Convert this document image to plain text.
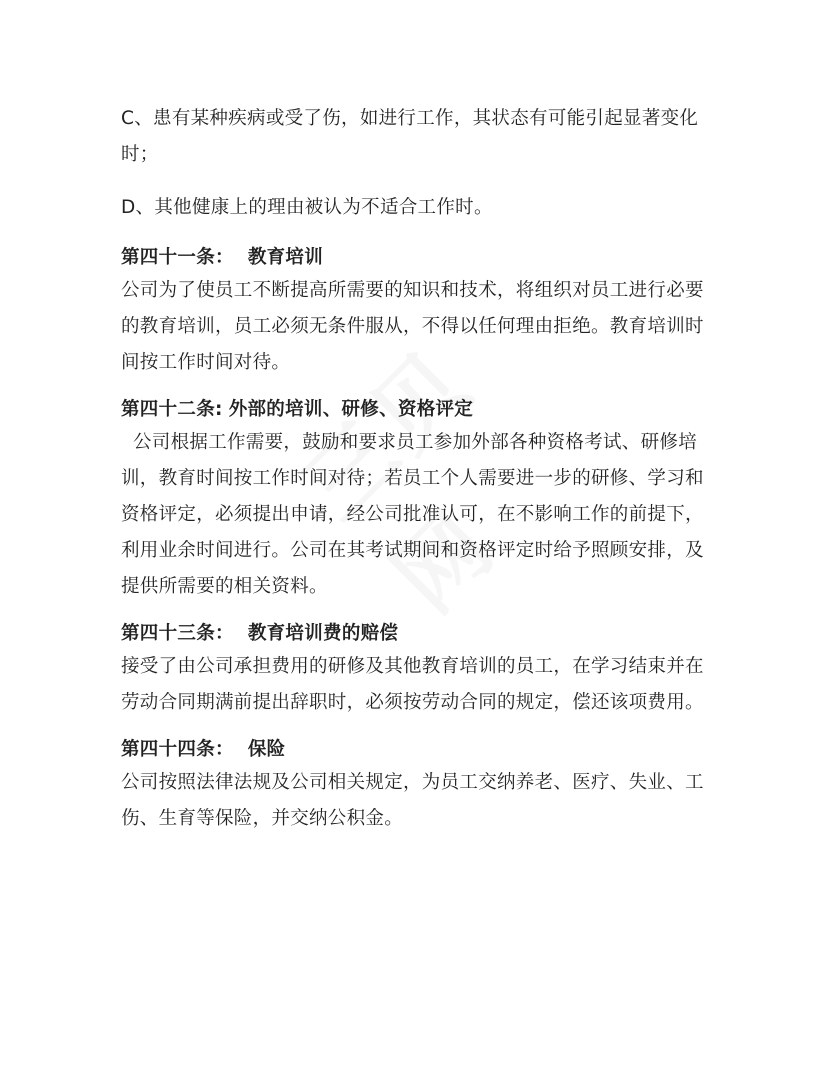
C、患有某种疾病或受了伤，如进行工作，其状态有可能引起显著变化时；

D、其他健康上的理由被认为不适合工作时。

第四十一条： 教育培训

公司为了使员工不断提高所需要的知识和技术，将组织对员工进行必要的教育培训，员工必须无条件服从，不得以任何理由拒绝。教育培训时间按工作时间对待。

第四十二条: 外部的培训、研修、资格评定

公司根据工作需要，鼓励和要求员工参加外部各种资格考试、研修培训，教育时间按工作时间对待；若员工个人需要进一步的研修、学习和资格评定，必须提出申请，经公司批准认可，在不影响工作的前提下，利用业余时间进行。公司在其考试期间和资格评定时给予照顾安排，及提供所需要的相关资料。

第四十三条： 教育培训费的赔偿

接受了由公司承担费用的研修及其他教育培训的员工，在学习结束并在劳动合同期满前提出辞职时，必须按劳动合同的规定，偿还该项费用。

第四十四条： 保险

公司按照法律法规及公司相关规定，为员工交纳养老、医疗、失业、工伤、生育等保险，并交纳公积金。
